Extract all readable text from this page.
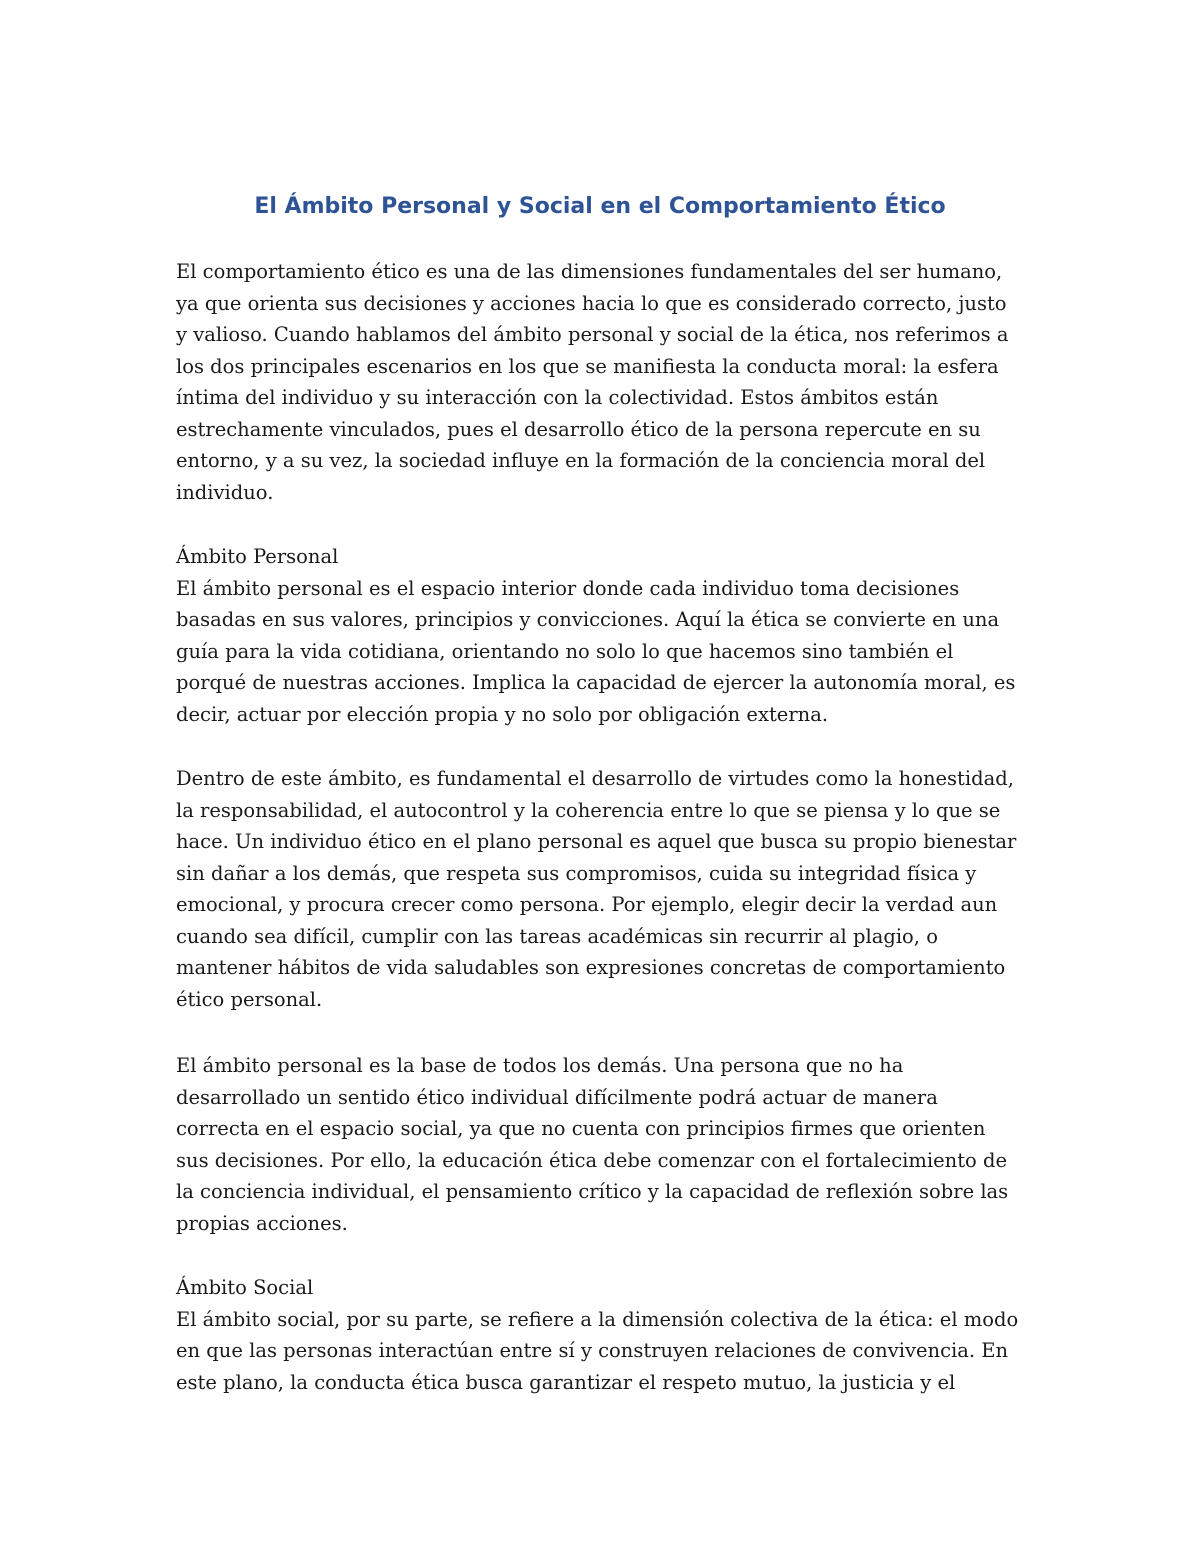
El Ámbito Personal y Social en el Comportamiento Ético
El comportamiento ético es una de las dimensiones fundamentales del ser humano,
ya que orienta sus decisiones y acciones hacia lo que es considerado correcto, justo
y valioso. Cuando hablamos del ámbito personal y social de la ética, nos referimos a
los dos principales escenarios en los que se manifiesta la conducta moral: la esfera
íntima del individuo y su interacción con la colectividad. Estos ámbitos están
estrechamente vinculados, pues el desarrollo ético de la persona repercute en su
entorno, y a su vez, la sociedad influye en la formación de la conciencia moral del
individuo.
Ámbito Personal
El ámbito personal es el espacio interior donde cada individuo toma decisiones
basadas en sus valores, principios y convicciones. Aquí la ética se convierte en una
guía para la vida cotidiana, orientando no solo lo que hacemos sino también el
porqué de nuestras acciones. Implica la capacidad de ejercer la autonomía moral, es
decir, actuar por elección propia y no solo por obligación externa.
Dentro de este ámbito, es fundamental el desarrollo de virtudes como la honestidad,
la responsabilidad, el autocontrol y la coherencia entre lo que se piensa y lo que se
hace. Un individuo ético en el plano personal es aquel que busca su propio bienestar
sin dañar a los demás, que respeta sus compromisos, cuida su integridad física y
emocional, y procura crecer como persona. Por ejemplo, elegir decir la verdad aun
cuando sea difícil, cumplir con las tareas académicas sin recurrir al plagio, o
mantener hábitos de vida saludables son expresiones concretas de comportamiento
ético personal.
El ámbito personal es la base de todos los demás. Una persona que no ha
desarrollado un sentido ético individual difícilmente podrá actuar de manera
correcta en el espacio social, ya que no cuenta con principios firmes que orienten
sus decisiones. Por ello, la educación ética debe comenzar con el fortalecimiento de
la conciencia individual, el pensamiento crítico y la capacidad de reflexión sobre las
propias acciones.
Ámbito Social
El ámbito social, por su parte, se refiere a la dimensión colectiva de la ética: el modo
en que las personas interactúan entre sí y construyen relaciones de convivencia. En
este plano, la conducta ética busca garantizar el respeto mutuo, la justicia y el
